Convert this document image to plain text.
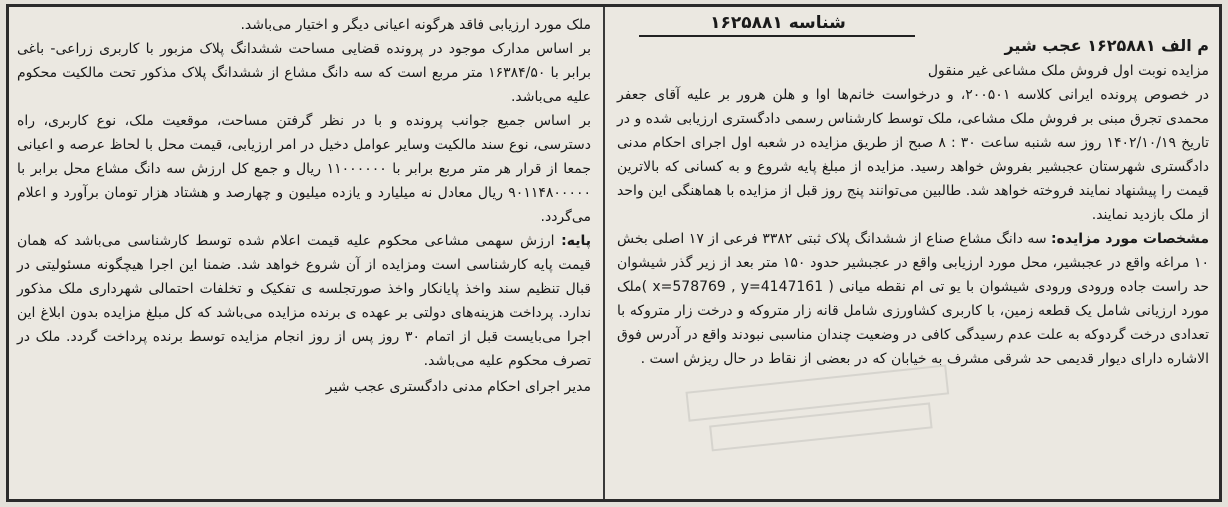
شناسه ۱۶۲۵۸۸۱

م الف ۱۶۲۵۸۸۱ عجب شیر

مزایده نوبت اول فروش ملک مشاعی غیر منقول

در خصوص پرونده ایرانی کلاسه ۲۰۰۵۰۱، و درخواست خانم‌ها اوا و هلن هرور بر علیه آقای جعفر محمدی تجرق مبنی بر فروش ملک مشاعی، ملک توسط کارشناس رسمی دادگستری ارزیابی شده و در تاریخ ۱۴۰۲/۱۰/۱۹ روز سه شنبه ساعت ۳۰ : ۸ صبح از طریق مزایده در شعبه اول اجرای احکام مدنی دادگستری شهرستان عجبشیر بفروش خواهد رسید. مزایده از مبلغ پایه شروع و به کسانی که بالاترین قیمت را پیشنهاد نمایند فروخته خواهد شد. طالبین می‌توانند پنج روز قبل از مزایده با هماهنگی این واحد از ملک بازدید نمایند.

مشخصات مورد مزایده: سه دانگ مشاع صناع از ششدانگ پلاک ثبتی ۳۳۸۲ فرعی از ۱۷ اصلی بخش ۱۰ مراغه واقع در عجبشیر، محل مورد ارزیابی واقع در عجبشیر حدود ۱۵۰ متر بعد از زیر گذر شیشوان حد راست جاده ورودی ورودی شیشوان با یو تی ام نقطه میانی ( x=578769 , y=4147161 )ملک مورد ارزیانی شامل یک قطعه زمین، با کاربری کشاورزی شامل قانه زار متروکه و درخت زار متروکه با تعدادی درخت گردوکه به علت عدم رسیدگی کافی در وضعیت چندان مناسبی نبودند واقع در آدرس فوق الاشاره دارای دیوار قدیمی حد شرقی مشرف به خیابان که در بعضی از نقاط در حال ریزش است .

ملک مورد ارزیابی فاقد هرگونه اعیانی دیگر و اختیار می‌باشد.

بر اساس مدارک موجود در پرونده قضایی مساحت ششدانگ پلاک مزبور با کاربری زراعی- باغی برابر با ۱۶۳۸۴/۵۰ متر مربع است که سه دانگ مشاع از ششدانگ پلاک مذکور تحت مالکیت محکوم علیه می‌باشد.

بر اساس جمیع جوانب پرونده و با در نظر گرفتن مساحت، موقعیت ملک، نوع کاربری، راه دسترسی، نوع سند مالکیت وسایر عوامل دخیل در امر ارزیابی، قیمت محل با لحاظ عرصه و اعیانی جمعا از قرار هر متر مربع برابر با ۱۱۰۰۰۰۰۰ ریال و جمع کل ارزش سه دانگ مشاع محل برابر با ۹۰۱۱۴۸۰۰۰۰۰ ریال معادل نه میلیارد و یازده میلیون و چهارصد و هشتاد هزار تومان برآورد و اعلام می‌گردد.

پایه: ارزش سهمی مشاعی محکوم علیه قیمت اعلام شده توسط کارشناسی می‌باشد که همان قیمت پایه کارشناسی است ومزایده از آن شروع خواهد شد. ضمنا این اجرا هیچگونه مسئولیتی در قبال تنظیم سند واخذ پایانکار واخذ صورتجلسه ی تفکیک و تخلفات احتمالی شهرداری ملک مذکور ندارد. پرداخت هزینه‌های دولتی بر عهده ی برنده مزایده می‌باشد که کل مبلغ مزایده بدون ابلاغ این اجرا می‌بایست قبل از اتمام ۳۰ روز پس از روز انجام مزایده توسط برنده پرداخت گردد. ملک در تصرف محکوم علیه می‌باشد.

مدیر اجرای احکام مدنی دادگستری عجب شیر
